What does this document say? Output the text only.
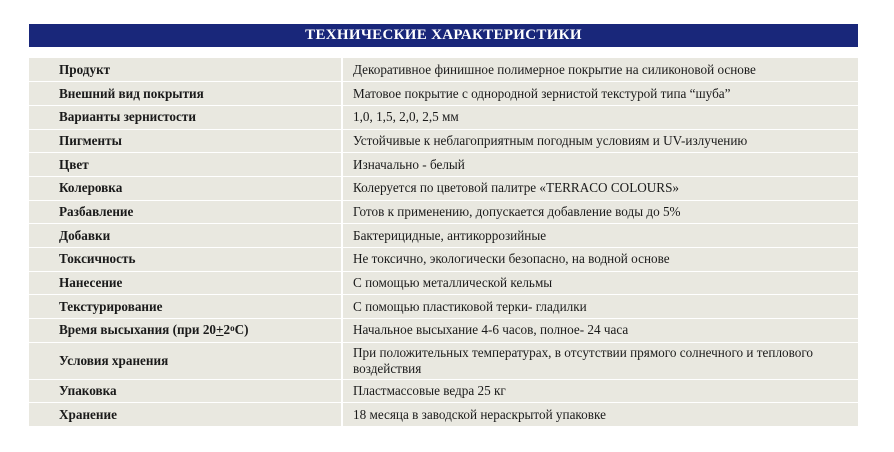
ТЕХНИЧЕСКИЕ ХАРАКТЕРИСТИКИ
Продукт	Декоративное финишное полимерное покрытие на силиконовой основе
Внешний вид покрытия	Матовое покрытие с однородной зернистой текстурой типа “шуба”
Варианты зернистости	1,0, 1,5, 2,0, 2,5 мм
Пигменты	Устойчивые к неблагоприятным погодным условиям и UV-излучению
Цвет	Изначально - белый
Колеровка	Колеруется по цветовой палитре «TERRACO COLOURS»
Разбавление	Готов к применению, допускается добавление воды до 5%
Добавки	Бактерицидные, антикоррозийные
Токсичность	Не токсично, экологически безопасно, на водной основе
Нанесение	С помощью металлической кельмы
Текстурирование	С помощью пластиковой терки- гладилки
Время высыхания (при $20+2^оС$)	Начальное высыхание 4-6 часов, полное- 24 часа
Условия хранения	При положительных температурах, в отсутствии прямого солнечного и теплового воздействия
Упаковка	Пластмассовые ведра 25 кг
Хранение	18 месяца в заводской нераскрытой упаковке
